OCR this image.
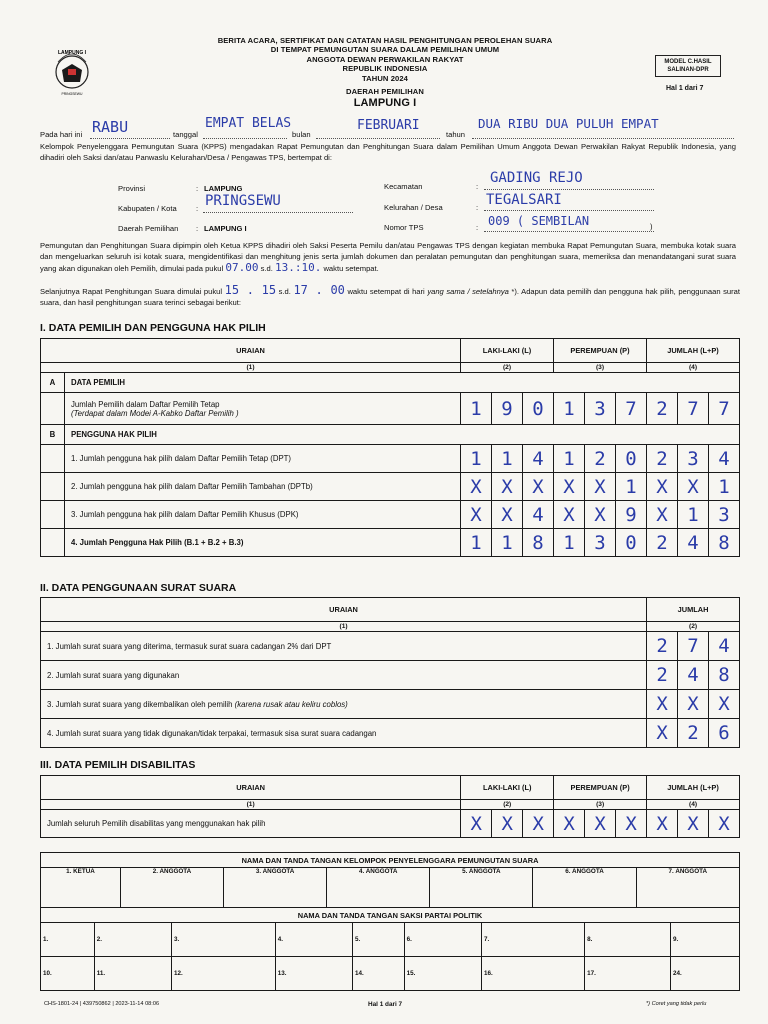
LAMPUNG I
PRINGSEWU
BERITA ACARA, SERTIFIKAT DAN CATATAN HASIL PENGHITUNGAN PEROLEHAN SUARA
DI TEMPAT PEMUNGUTAN SUARA DALAM PEMILIHAN UMUM
ANGGOTA DEWAN PERWAKILAN RAKYAT
REPUBLIK INDONESIA
TAHUN 2024
DAERAH PEMILIHAN
LAMPUNG I
MODEL C.HASIL SALINAN-DPR
Hal 1 dari 7
Pada hari ini RABU	tanggal
EMPAT BELAS
bulan
FEBRUARI
tahun
DUA RIBU DUA PULUH EMPAT
Kelompok Penyelenggara Pemungutan Suara (KPPS) mengadakan Rapat Pemungutan dan Penghitungan Suara dalam Pemilihan Umum Anggota Dewan Perwakilan Rakyat Republik Indonesia, yang dihadiri oleh Saksi dan/atau Panwaslu Kelurahan/Desa / Pengawas TPS, bertempat di:
Provinsi	: LAMPUNG
Kabupaten / Kota	: PRINGSEWU
Daerah Pemilihan : LAMPUNG I
Kecamatan	:
GADING REJO
Kelurahan / Desa	: TEGALSARI
Nomor TPS	: 009 ( SEMBILAN	)
Pemungutan dan Penghitungan Suara dipimpin oleh Ketua KPPS dihadiri oleh Saksi Peserta Pemilu dan/atau Pengawas TPS dengan kegiatan membuka Rapat Pemungutan Suara, membuka kotak suara dan mengeluarkan seluruh isi kotak suara, mengidentifikasi dan menghitung jenis serta jumlah dokumen dan peralatan pemungutan dan penghitungan suara, memeriksa dan menandatangani surat suara yang akan digunakan oleh Pemilih, dimulai pada pukul 07.00 s.d. 13.:10. waktu setempat.
Selanjutnya Rapat Penghitungan Suara dimulai pukul 15 . 15 s.d. 17 . 00 waktu setempat di hari yang sama / setelahnya *). Adapun data pemilih dan pengguna hak pilih, penggunaan surat suara, dan hasil penghitungan suara terinci sebagai berikut:
I. DATA PEMILIH DAN PENGGUNA HAK PILIH
URAIAN		LAKI-LAKI (L)			PEREMPUAN (P)			JUMLAH (L+P)		
(1)		(2)			(3)			(4)		
A	DATA PEMILIH									

	Jumlah Pemilih dalam Daftar Pemilih Tetap
(Terdapat dalam Modei A-Kabko Daftar Pemilih )	1	9	0	1	3	7	2	7	7
B	PENGGUNA HAK PILIH									
	1. Jumlah pengguna hak pilih dalam Daftar Pemilih Tetap (DPT)	1	1	4	1	2	0	2	3	4
	2. Jumlah pengguna hak pilih dalam Daftar Pemilih Tambahan (DPTb)	X	X	X	X	X	1	X	X	1
	3. Jumlah pengguna hak pilih dalam Daftar Pemilih Khusus (DPK)	X	X	4	X	X	9	X	1	3
	4. Jumlah Pengguna Hak Pilih (B.1 + B.2 + B.3)	1	1	8	1	3	0	2	4	8
II. DATA PENGGUNAAN SURAT SUARA
URAIAN	JUMLAH		
(1)	(2)		
1. Jumlah surat suara yang diterima, termasuk surat suara cadangan 2% dari DPT	2	7	4
2. Jumlah surat suara yang digunakan	2	4	8
3. Jumlah surat suara yang dikembalikan oleh pemilih (karena rusak atau keliru coblos)	X	X	X
4. Jumlah surat suara yang tidak digunakan/tidak terpakai, termasuk sisa surat suara cadangan	X	2	6
III. DATA PEMILIH DISABILITAS
URAIAN	LAKI-LAKI (L)			PEREMPUAN (P)			JUMLAH (L+P)		
(1)	(2)			(3)			(4)		
Jumlah seluruh Pemilih disabilitas yang menggunakan hak pilih	X	X	X	X	X	X	X	X	X
NAMA DAN TANDA TANGAN KELOMPOK PENYELENGGARA PEMUNGUTAN SUARA														
1. KETUA		2. ANGGOTA		3. ANGGOTA		4. ANGGOTA			5. ANGGOTA		6. ANGGOTA		7. ANGGOTA	
NAMA DAN TANDA TANGAN SAKSI PARTAI POLITIK														
1.	2.		3.		4.		5.	6.		7.		8.		9.
10.	11.		12.		13.		14.	15.		16.		17.		24.
CHS-1801-24 | 439750862 | 2023-11-14 08:06	Hal 1 dari 7	*) Coret yang tidak perlu
